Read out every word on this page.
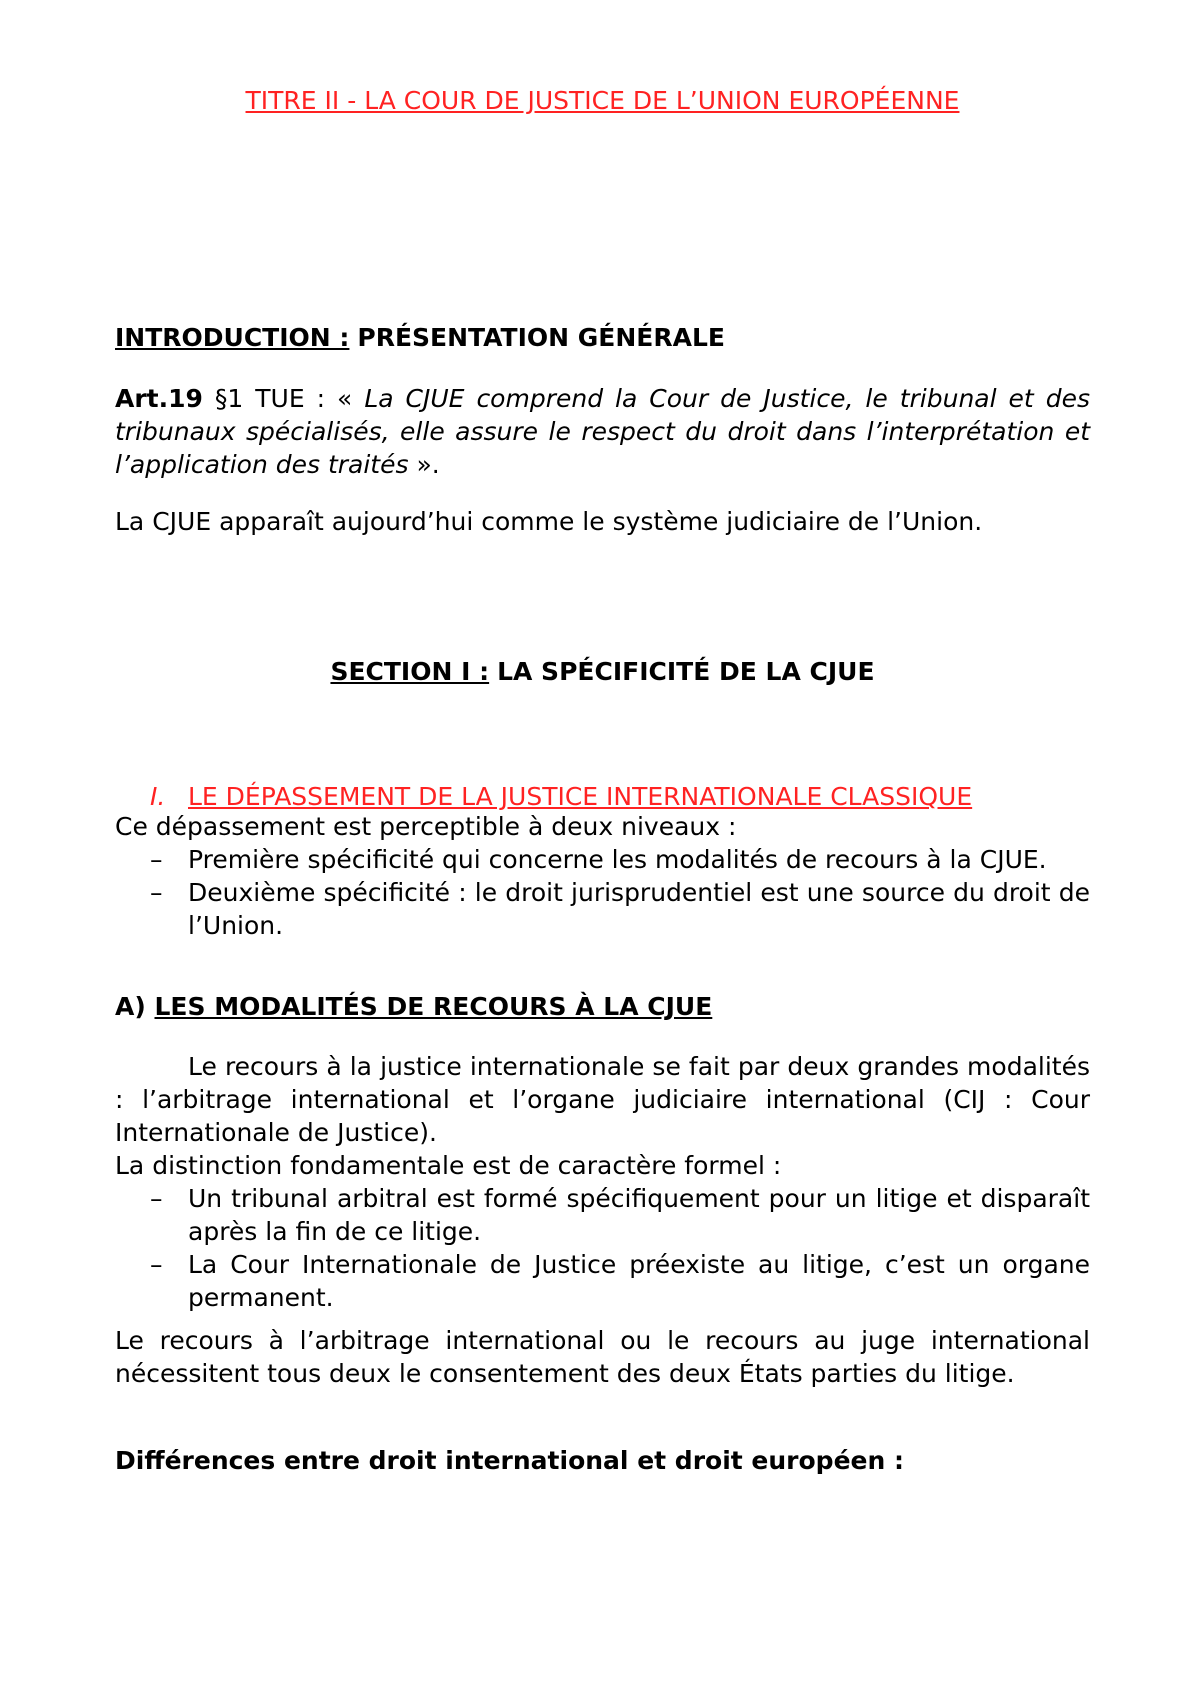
TITRE II - LA COUR DE JUSTICE DE L’UNION EUROPÉENNE
INTRODUCTION : PRÉSENTATION GÉNÉRALE
Art.19 §1 TUE : « La CJUE comprend la Cour de Justice, le tribunal et des tribunaux spécialisés, elle assure le respect du droit dans l’interprétation et l’application des traités ».
La CJUE apparaît aujourd’hui comme le système judiciaire de l’Union.
SECTION I : LA SPÉCIFICITÉ DE LA CJUE
I. LE DÉPASSEMENT DE LA JUSTICE INTERNATIONALE CLASSIQUE
Ce dépassement est perceptible à deux niveaux :
– Première spécificité qui concerne les modalités de recours à la CJUE.
– Deuxième spécificité : le droit jurisprudentiel est une source du droit de l’Union.
A) LES MODALITÉS DE RECOURS À LA CJUE
Le recours à la justice internationale se fait par deux grandes modalités : l’arbitrage international et l’organe judiciaire international (CIJ : Cour Internationale de Justice).
La distinction fondamentale est de caractère formel :
– Un tribunal arbitral est formé spécifiquement pour un litige et disparaît après la fin de ce litige.
– La Cour Internationale de Justice préexiste au litige, c’est un organe permanent.
Le recours à l’arbitrage international ou le recours au juge international nécessitent tous deux le consentement des deux États parties du litige.
Différences entre droit international et droit européen :
